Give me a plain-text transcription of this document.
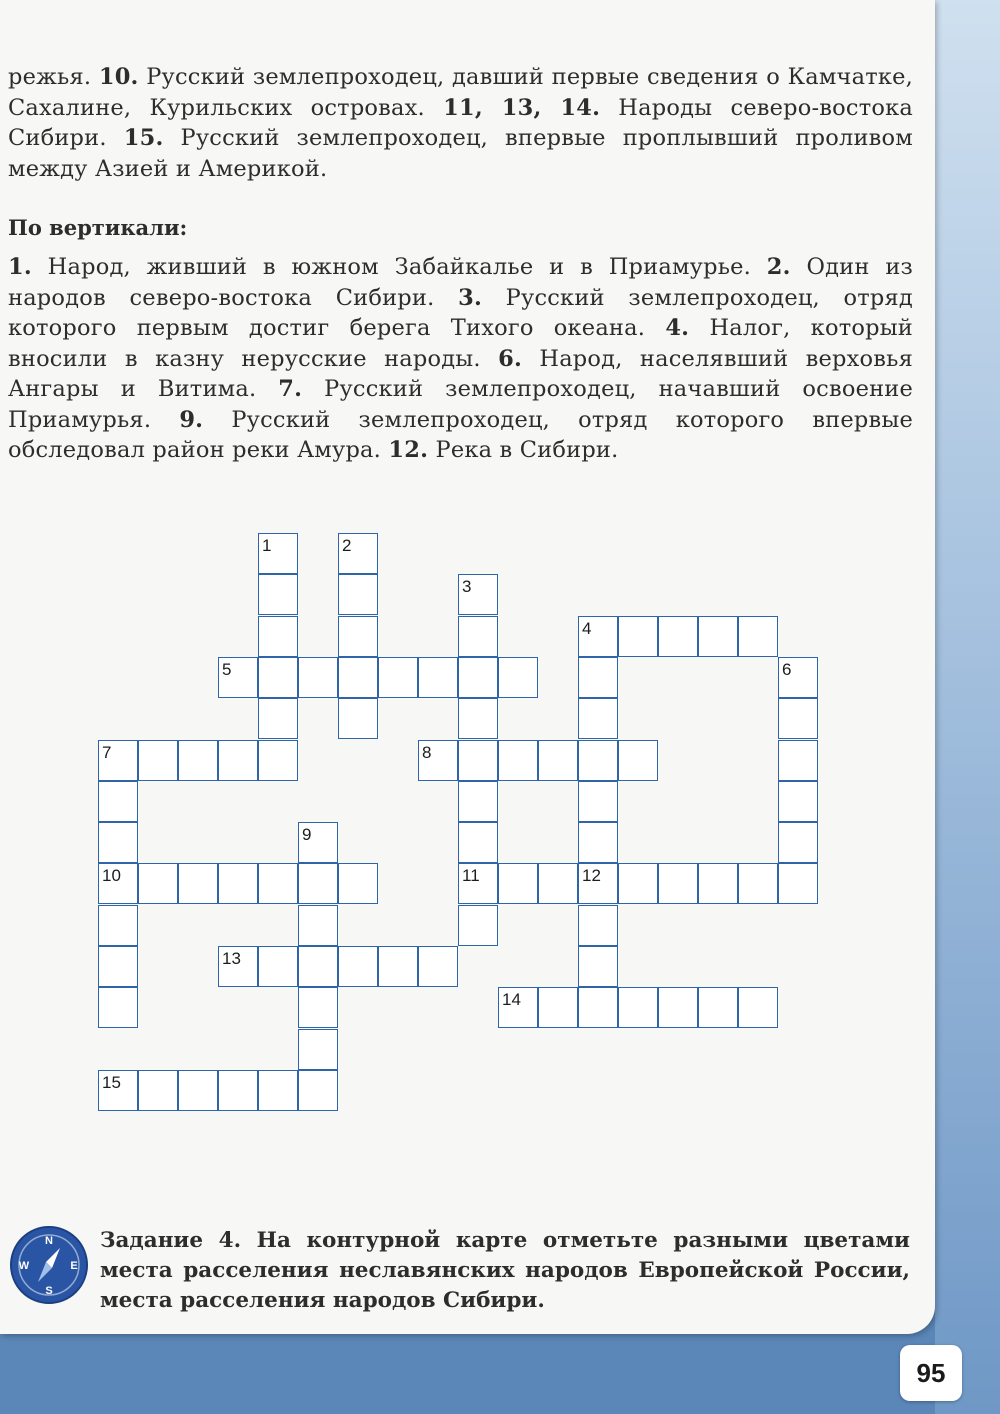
режья. 10. Русский землепроходец, давший первые сведения о Камчатке, Сахалине, Курильских островах. 11, 13, 14. Народы северо-востока Сибири. 15. Русский землепроходец, впервые проплывший проливом между Азией и Америкой.
По вертикали:
1. Народ, живший в южном Забайкалье и в Приамурье. 2. Один из народов северо-востока Сибири. 3. Русский землепроходец, отряд которого первым достиг берега Тихого океана. 4. Налог, который вносили в казну нерусские народы. 6. Народ, населявший верховья Ангары и Витима. 7. Русский землепроходец, начавший освоение Приамурья. 9. Русский землепроходец, отряд которого впервые обследовал район реки Амура. 12. Река в Сибири.
1	2
3
4
5	6
7	8
9
10	11	12
13
14
15
N
W	E
S
Задание 4. На контурной карте отметьте разными цветами места расселения неславянских народов Европейской России, места расселения народов Сибири.
95
